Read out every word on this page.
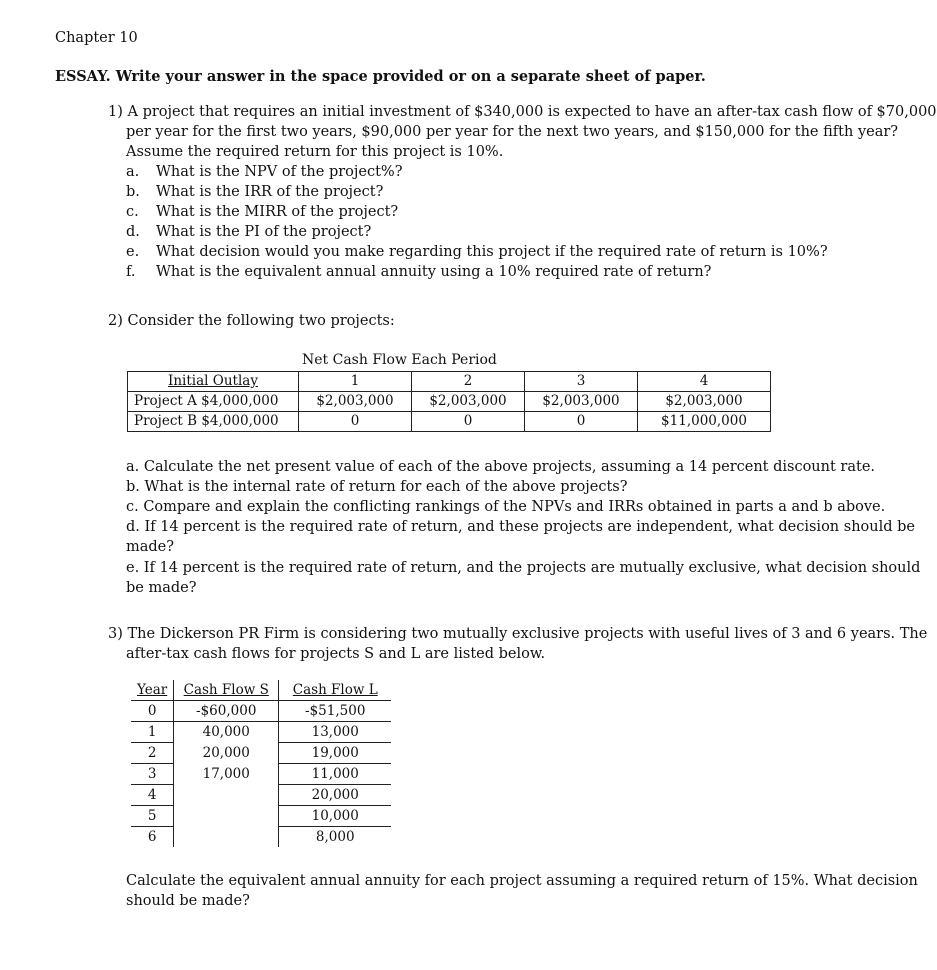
Chapter 10
ESSAY. Write your answer in the space provided or on a separate sheet of paper.
1) A project that requires an initial investment of $340,000 is expected to have an after-tax cash flow of $70,000
per year for the first two years, $90,000 per year for the next two years, and $150,000 for the fifth year?
Assume the required return for this project is 10%.
a. What is the NPV of the project%?
b. What is the IRR of the project?
c. What is the MIRR of the project?
d. What is the PI of the project?
e. What decision would you make regarding this project if the required rate of return is 10%?
f. What is the equivalent annual annuity using a 10% required rate of return?
2) Consider the following two projects:
Net Cash Flow Each Period
Initial Outlay	1	2	3	4
Project A $4,000,000	$2,003,000	$2,003,000	$2,003,000	$2,003,000
Project B $4,000,000	0	0	0	$11,000,000
a. Calculate the net present value of each of the above projects, assuming a 14 percent discount rate.
b. What is the internal rate of return for each of the above projects?
c. Compare and explain the conflicting rankings of the NPVs and IRRs obtained in parts a and b above.
d. If 14 percent is the required rate of return, and these projects are independent, what decision should be
made?
e. If 14 percent is the required rate of return, and the projects are mutually exclusive, what decision should
be made?
3) The Dickerson PR Firm is considering two mutually exclusive projects with useful lives of 3 and 6 years. The
after-tax cash flows for projects S and L are listed below.
Year	Cash Flow S	Cash Flow L
0	-$60,000	-$51,500
1	40,000	13,000
2	20,000	19,000
3	17,000	11,000
4		20,000
5		10,000
6		8,000
Calculate the equivalent annual annuity for each project assuming a required return of 15%. What decision
should be made?
